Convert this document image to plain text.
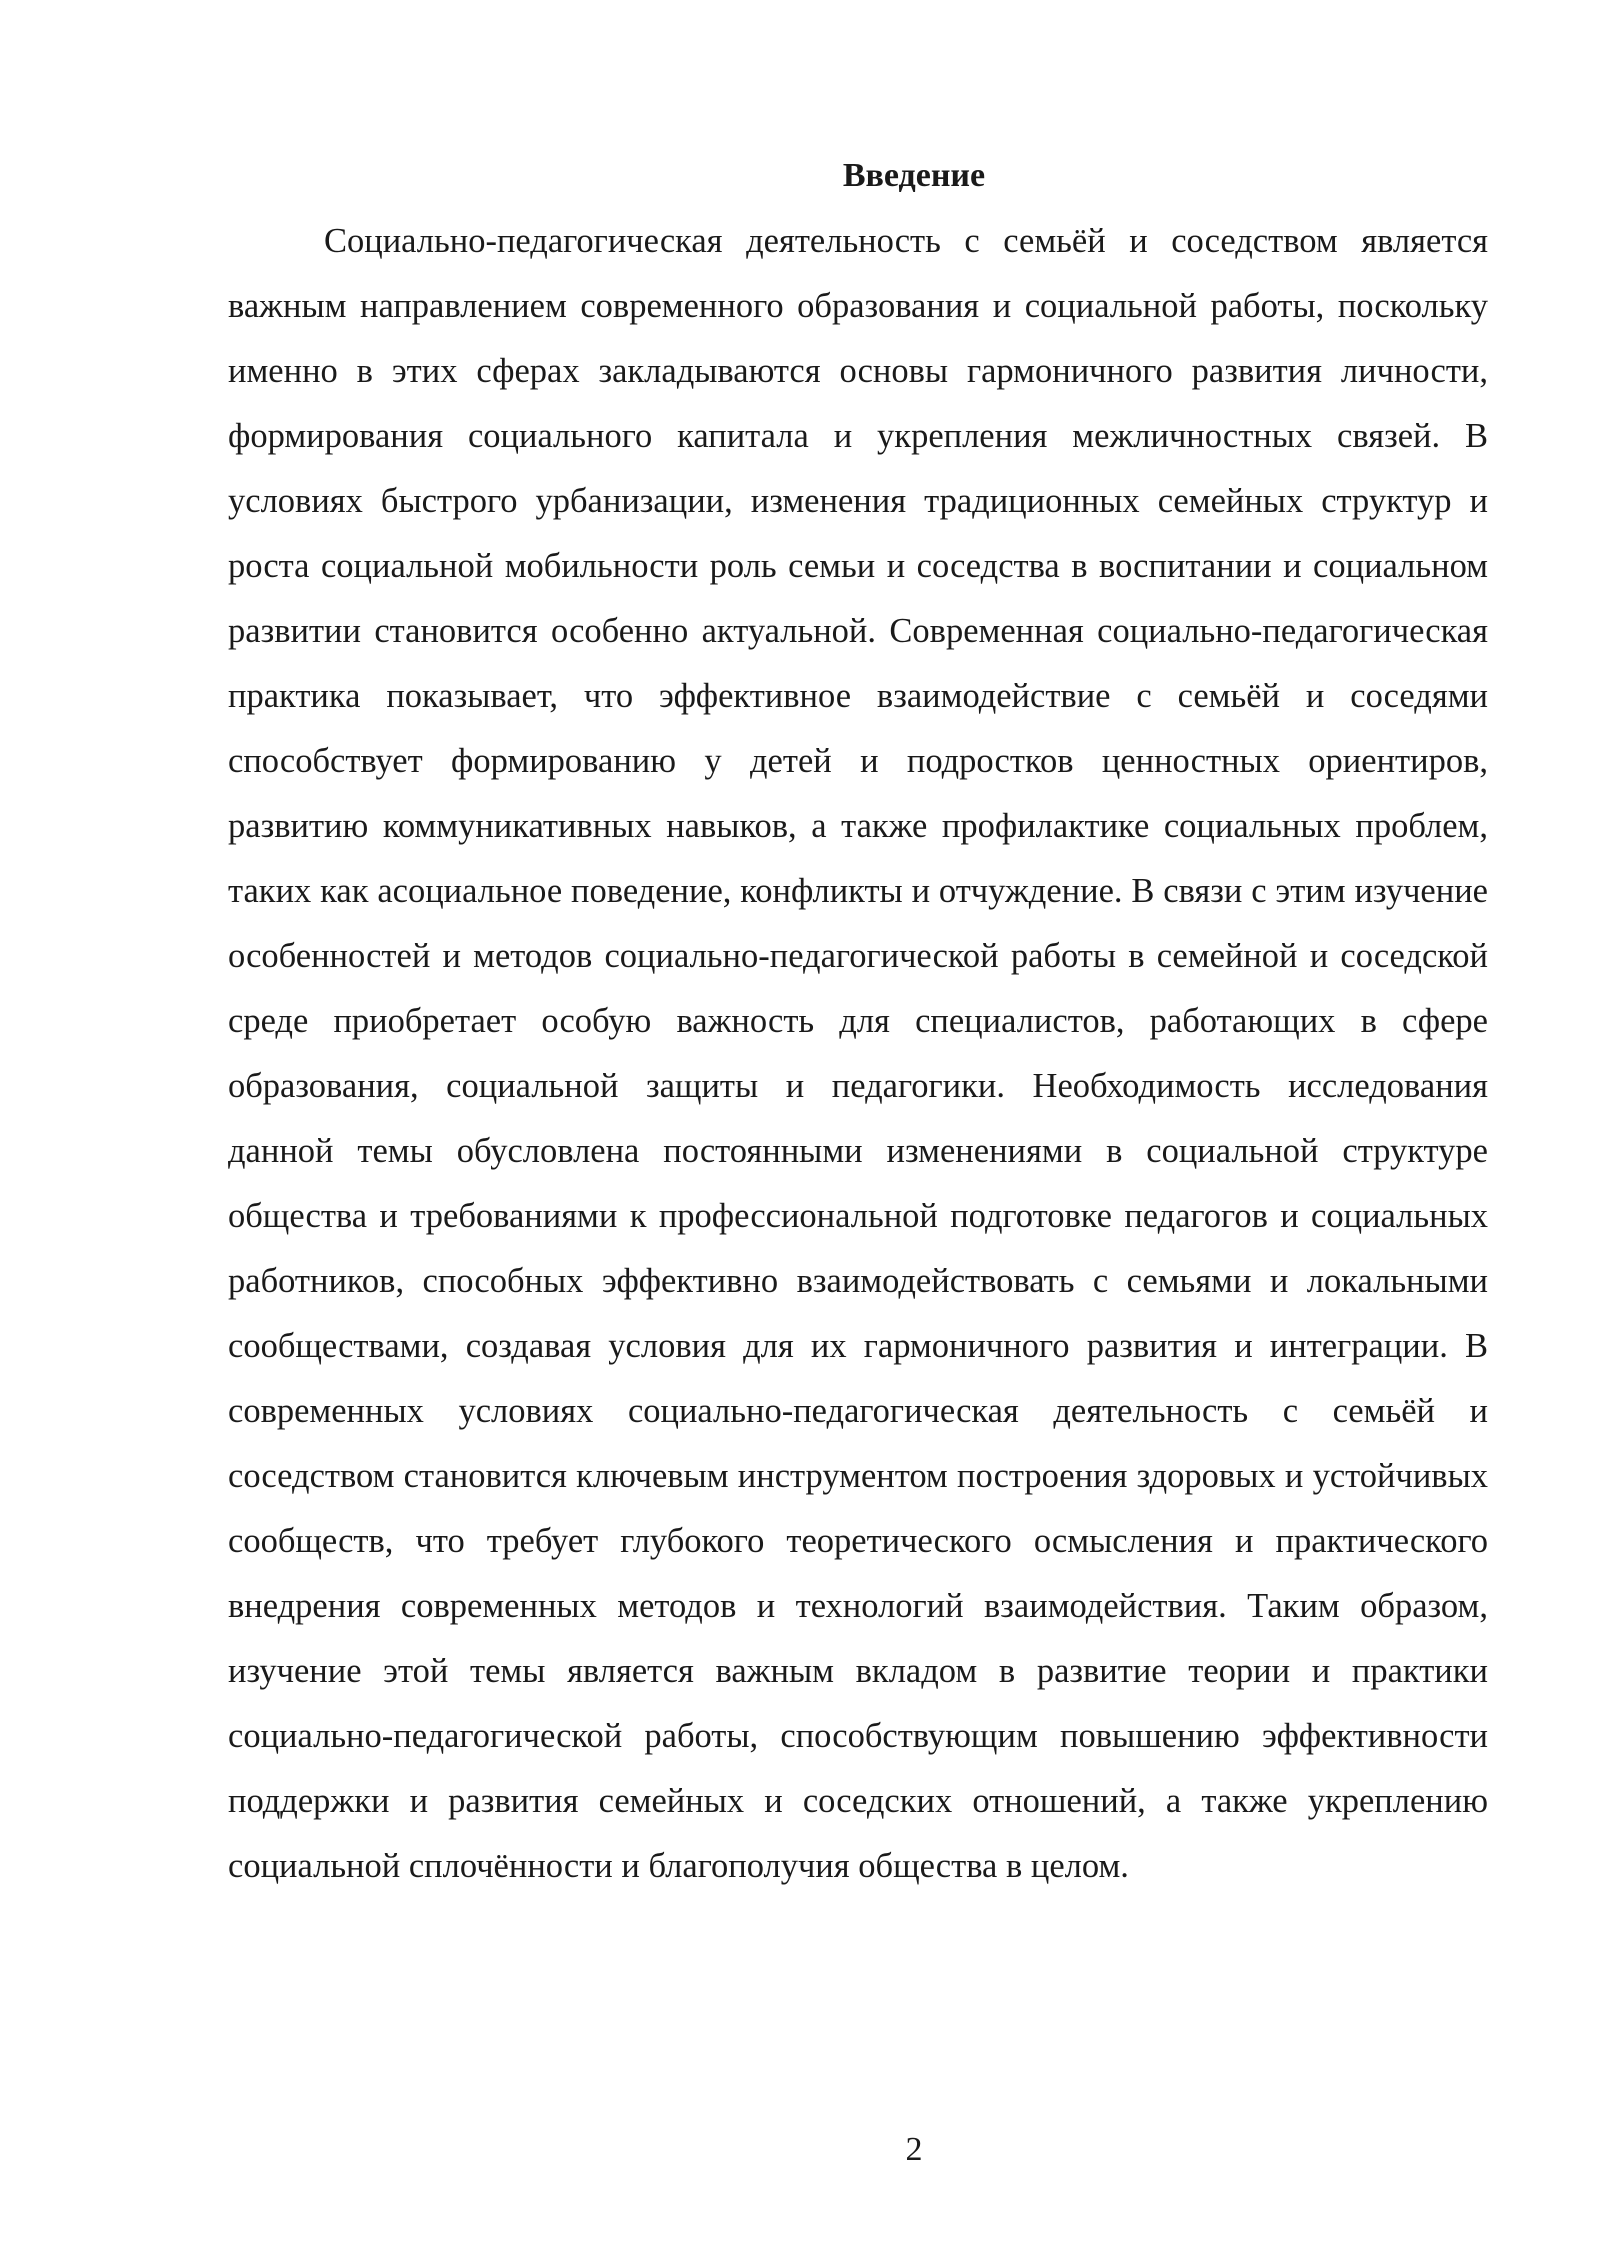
Введение

Социально-педагогическая деятельность с семьёй и соседством является важным направлением современного образования и социальной работы, поскольку именно в этих сферах закладываются основы гармоничного развития личности, формирования социального капитала и укрепления межличностных связей. В условиях быстрого урбанизации, изменения традиционных семейных структур и роста социальной мобильности роль семьи и соседства в воспитании и социальном развитии становится особенно актуальной. Современная социально-педагогическая практика показывает, что эффективное взаимодействие с семьёй и соседями способствует формированию у детей и подростков ценностных ориентиров, развитию коммуникативных навыков, а также профилактике социальных проблем, таких как асоциальное поведение, конфликты и отчуждение. В связи с этим изучение особенностей и методов социально-педагогической работы в семейной и соседской среде приобретает особую важность для специалистов, работающих в сфере образования, социальной защиты и педагогики. Необходимость исследования данной темы обусловлена постоянными изменениями в социальной структуре общества и требованиями к профессиональной подготовке педагогов и социальных работников, способных эффективно взаимодействовать с семьями и локальными сообществами, создавая условия для их гармоничного развития и интеграции. В современных условиях социально-педагогическая деятельность с семьёй и соседством становится ключевым инструментом построения здоровых и устойчивых сообществ, что требует глубокого теоретического осмысления и практического внедрения современных методов и технологий взаимодействия. Таким образом, изучение этой темы является важным вкладом в развитие теории и практики социально-педагогической работы, способствующим повышению эффективности поддержки и развития семейных и соседских отношений, а также укреплению социальной сплочённости и благополучия общества в целом.

2
